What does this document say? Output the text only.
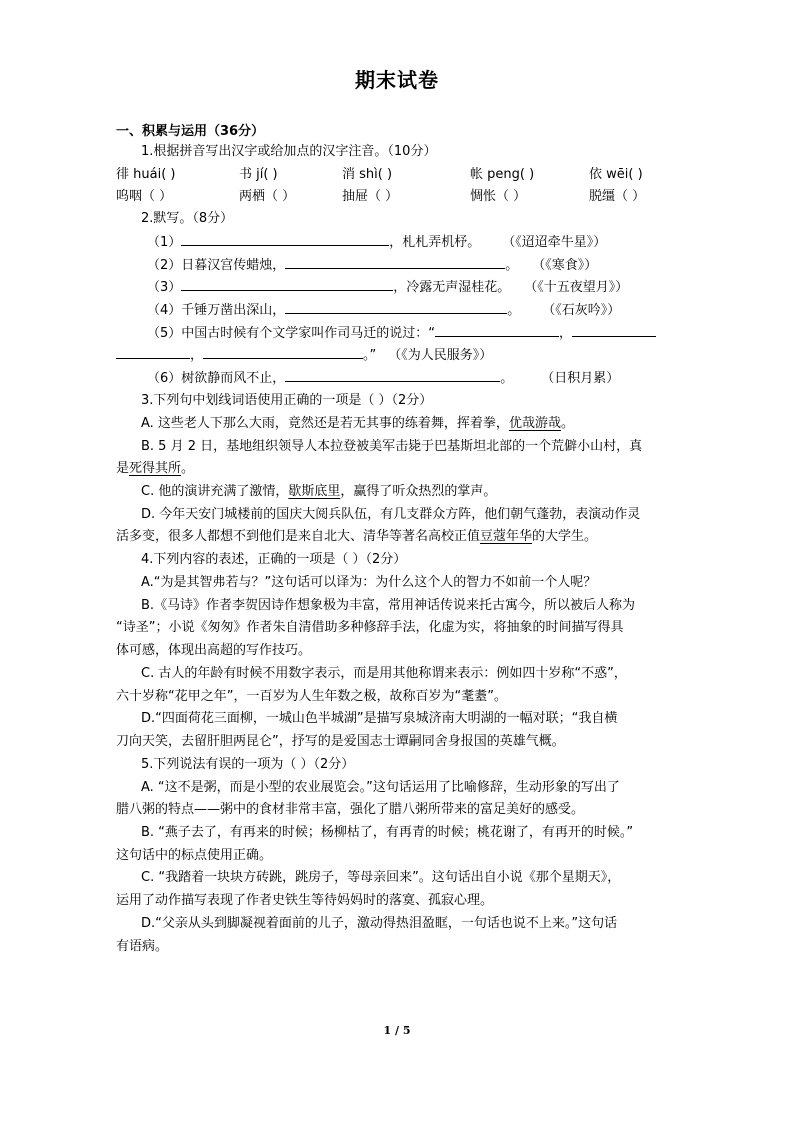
期末试卷
一、积累与运用（36分）
1.根据拼音写出汉字或给加点的汉字注音。（10分）
徘 huái( )	书 jí( )	消 shì( )	帐 peng( )	依 wēi( )
呜咽（ ）	两栖（ ）	抽屉（ ）	惆怅（ ）	脱缰（ ）
2.默写。（8分）
（1）	，札札弄机杼。 （《迢迢牵牛星》）
（2）日暮汉宫传蜡烛，	。 （《寒食》）
（3）	，冷露无声湿桂花。 （《十五夜望月》）
（4）千锤万凿出深山，	。 （《石灰吟》）
（5）中国古时候有个文学家叫作司马迁的说过：“	，
，	。” （《为人民服务》）
（6）树欲静而风不止，	。 （日积月累）
3.下列句中划线词语使用正确的一项是（ ）（2分）
A. 这些老人下那么大雨，竟然还是若无其事的练着舞，挥着拳，优哉游哉。
B. 5 月 2 日，基地组织领导人本拉登被美军击毙于巴基斯坦北部的一个荒僻小山村，真
是死得其所。
C. 他的演讲充满了激情，歇斯底里，赢得了听众热烈的掌声。
D. 今年天安门城楼前的国庆大阅兵队伍，有几支群众方阵，他们朝气蓬勃，表演动作灵
活多变，很多人都想不到他们是来自北大、清华等著名高校正值豆蔻年华的大学生。
4.下列内容的表述，正确的一项是（ ）（2分）
A.“为是其智弗若与？”这句话可以译为：为什么这个人的智力不如前一个人呢？
B.《马诗》作者李贺因诗作想象极为丰富，常用神话传说来托古寓今，所以被后人称为
“诗圣”；小说《匆匆》作者朱自清借助多种修辞手法，化虚为实，将抽象的时间描写得具
体可感，体现出高超的写作技巧。
C. 古人的年龄有时候不用数字表示，而是用其他称谓来表示：例如四十岁称“不惑”，
六十岁称“花甲之年”，一百岁为人生年数之极，故称百岁为“耄耋”。
D.“四面荷花三面柳，一城山色半城湖”是描写泉城济南大明湖的一幅对联；“我自横
刀向天笑，去留肝胆两昆仑”，抒写的是爱国志士谭嗣同舍身报国的英雄气概。
5.下列说法有误的一项为（ ）（2分）
A. “这不是粥，而是小型的农业展览会。”这句话运用了比喻修辞，生动形象的写出了
腊八粥的特点——粥中的食材非常丰富，强化了腊八粥所带来的富足美好的感受。
B. “燕子去了，有再来的时候；杨柳枯了，有再青的时候；桃花谢了，有再开的时候。”
这句话中的标点使用正确。
C. “我踏着一块块方砖跳，跳房子，等母亲回来”。这句话出自小说《那个星期天》，
运用了动作描写表现了作者史铁生等待妈妈时的落寞、孤寂心理。
D.“父亲从头到脚凝视着面前的儿子，激动得热泪盈眶，一句话也说不上来。”这句话
有语病。
1 / 5
